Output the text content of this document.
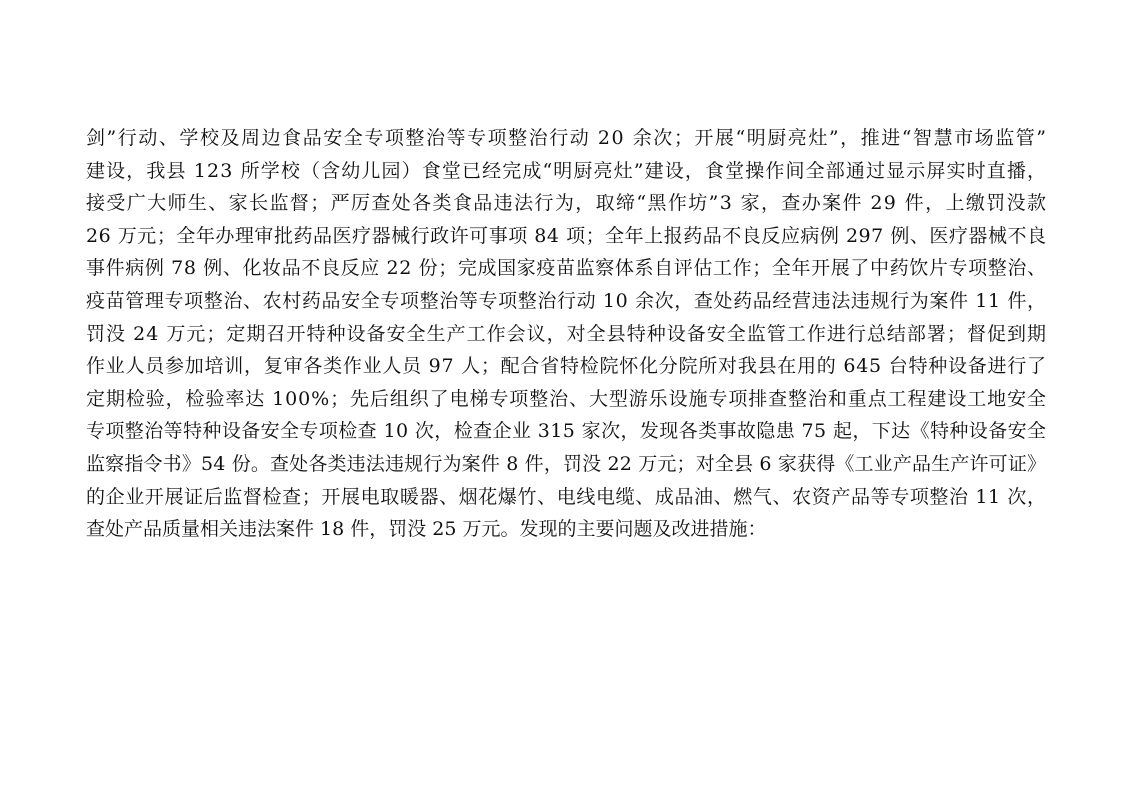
剑”行动、学校及周边食品安全专项整治等专项整治行动 20 余次；开展“明厨亮灶”，推进“智慧市场监管”
建设，我县 123 所学校（含幼儿园）食堂已经完成“明厨亮灶”建设，食堂操作间全部通过显示屏实时直播，
接受广大师生、家长监督；严厉查处各类食品违法行为，取缔“黑作坊”3 家，查办案件 29 件，上缴罚没款
26 万元；全年办理审批药品医疗器械行政许可事项 84 项；全年上报药品不良反应病例 297 例、医疗器械不良
事件病例 78 例、化妆品不良反应 22 份；完成国家疫苗监察体系自评估工作；全年开展了中药饮片专项整治、
疫苗管理专项整治、农村药品安全专项整治等专项整治行动 10 余次，查处药品经营违法违规行为案件 11 件，
罚没 24 万元；定期召开特种设备安全生产工作会议，对全县特种设备安全监管工作进行总结部署；督促到期
作业人员参加培训，复审各类作业人员 97 人；配合省特检院怀化分院所对我县在用的 645 台特种设备进行了
定期检验，检验率达 100%；先后组织了电梯专项整治、大型游乐设施专项排查整治和重点工程建设工地安全
专项整治等特种设备安全专项检查 10 次，检查企业 315 家次，发现各类事故隐患 75 起，下达《特种设备安全
监察指令书》54 份。查处各类违法违规行为案件 8 件，罚没 22 万元；对全县 6 家获得《工业产品生产许可证》
的企业开展证后监督检查；开展电取暖器、烟花爆竹、电线电缆、成品油、燃气、农资产品等专项整治 11 次，
查处产品质量相关违法案件 18 件，罚没 25 万元。发现的主要问题及改进措施：
